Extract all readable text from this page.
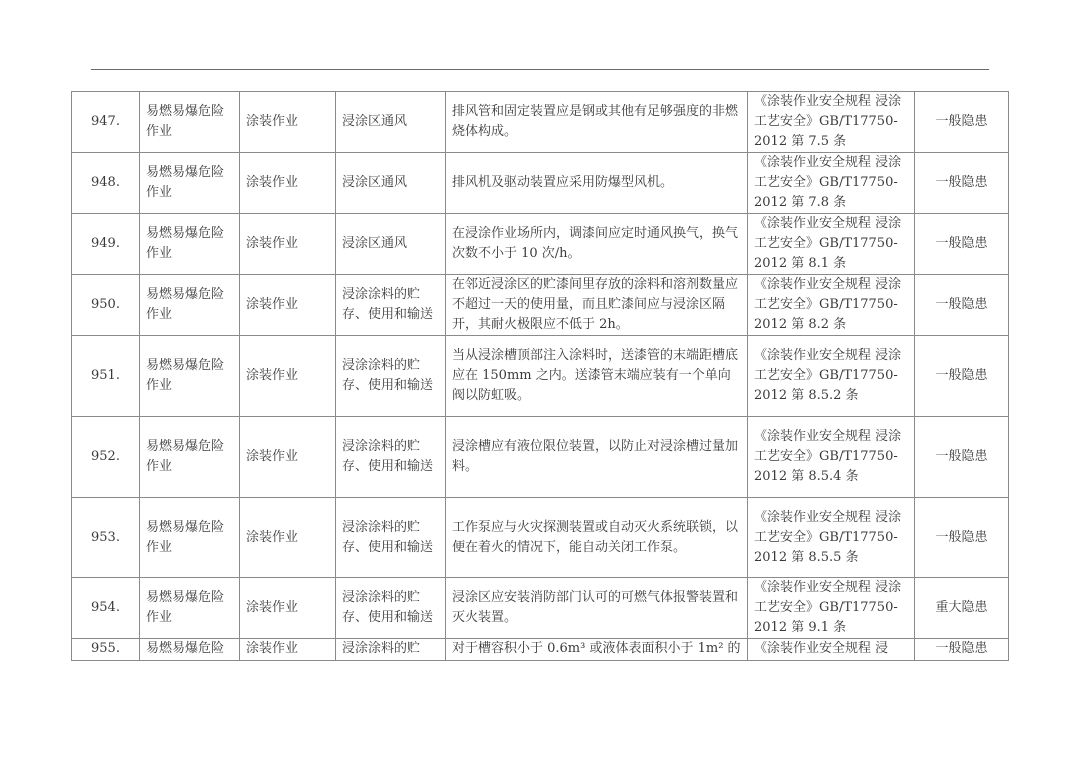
947.	易燃易爆危险作业	涂装作业	浸涂区通风	排风管和固定装置应是钢或其他有足够强度的非燃烧体构成。	《涂装作业安全规程 浸涂工艺安全》GB/T17750-2012 第 7.5 条	一般隐患
948.	易燃易爆危险作业	涂装作业	浸涂区通风	排风机及驱动装置应采用防爆型风机。	《涂装作业安全规程 浸涂工艺安全》GB/T17750-2012 第 7.8 条	一般隐患
949.	易燃易爆危险作业	涂装作业	浸涂区通风	在浸涂作业场所内，调漆间应定时通风换气，换气次数不小于 10 次/h。	《涂装作业安全规程 浸涂工艺安全》GB/T17750-2012 第 8.1 条	一般隐患
950.	易燃易爆危险作业	涂装作业	浸涂涂料的贮存、使用和输送	在邻近浸涂区的贮漆间里存放的涂料和溶剂数量应不超过一天的使用量，而且贮漆间应与浸涂区隔开，其耐火极限应不低于 2h。	《涂装作业安全规程 浸涂工艺安全》GB/T17750-2012 第 8.2 条	一般隐患
951.	易燃易爆危险作业	涂装作业	浸涂涂料的贮存、使用和输送	当从浸涂槽顶部注入涂料时，送漆管的末端距槽底应在 150mm 之内。送漆管末端应装有一个单向阀以防虹吸。	《涂装作业安全规程 浸涂工艺安全》GB/T17750-2012 第 8.5.2 条	一般隐患
952.	易燃易爆危险作业	涂装作业	浸涂涂料的贮存、使用和输送	浸涂槽应有液位限位装置，以防止对浸涂槽过量加料。	《涂装作业安全规程 浸涂工艺安全》GB/T17750-2012 第 8.5.4 条	一般隐患
953.	易燃易爆危险作业	涂装作业	浸涂涂料的贮存、使用和输送	工作泵应与火灾探测装置或自动灭火系统联锁，以便在着火的情况下，能自动关闭工作泵。	《涂装作业安全规程 浸涂工艺安全》GB/T17750-2012 第 8.5.5 条	一般隐患
954.	易燃易爆危险作业	涂装作业	浸涂涂料的贮存、使用和输送	浸涂区应安装消防部门认可的可燃气体报警装置和灭火装置。	《涂装作业安全规程 浸涂工艺安全》GB/T17750-2012 第 9.1 条	重大隐患
955.	易燃易爆危险	涂装作业	浸涂涂料的贮	对于槽容积小于 0.6m³ 或液体表面积小于 1m² 的	《涂装作业安全规程 浸	一般隐患
